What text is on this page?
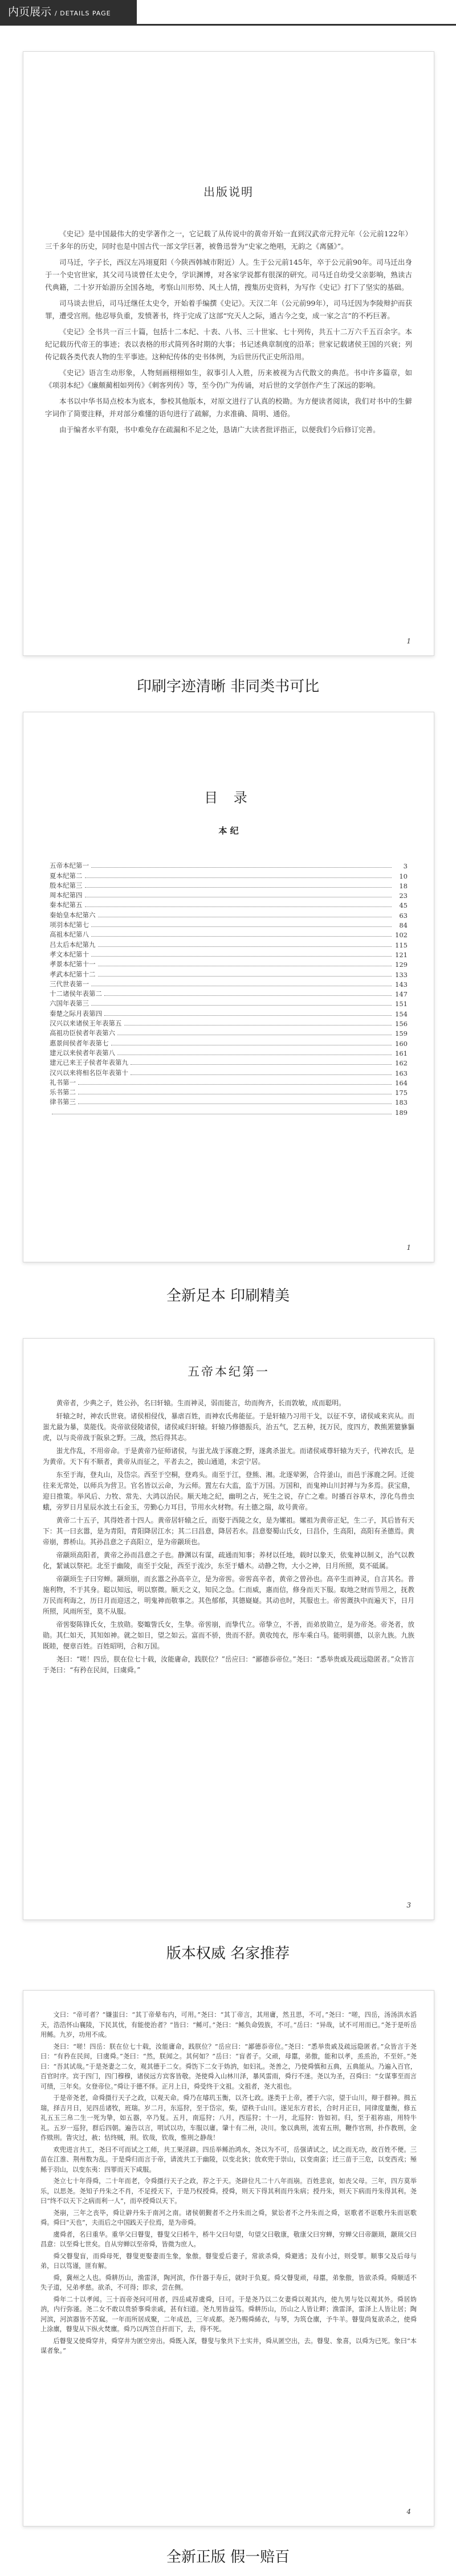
内页展示 / DETAILS PAGE
出版说明

《史记》是中国最伟大的史学著作之一，它记载了从传说中的黄帝开始一直到汉武帝元狩元年（公元前122年）三千多年的历史，同时也是中国古代一部文学巨著，被鲁迅誉为“史家之绝唱，无韵之《离骚》”。

司马迁，字子长，西汉左冯翊夏阳（今陕西韩城市附近）人。生于公元前145年，卒于公元前90年。司马迁出身于一个史官世家，其父司马谈曾任太史令，学识渊博，对各家学说都有很深的研究。司马迁自幼受父亲影响，熟读古代典籍，二十岁开始游历全国各地，考察山川形势、风土人情，搜集历史资料，为写作《史记》打下了坚实的基础。

司马谈去世后，司马迁继任太史令，开始着手编撰《史记》。天汉二年（公元前99年），司马迁因为李陵辩护而获罪，遭受宫刑。他忍辱负重，发愤著书，终于完成了这部“究天人之际，通古今之变，成一家之言”的不朽巨著。

《史记》全书共一百三十篇，包括十二本纪、十表、八书、三十世家、七十列传，共五十二万六千五百余字。本纪记载历代帝王的事迹；表以表格的形式简列各时期的大事；书记述典章制度的沿革；世家记载诸侯王国的兴衰；列传记载各类代表人物的生平事迹。这种纪传体的史书体例，为后世历代正史所沿用。

《史记》语言生动形象，人物刻画栩栩如生，叙事引人入胜，历来被视为古代散文的典范。书中许多篇章，如《项羽本纪》《廉颇蔺相如列传》《刺客列传》等，至今仍广为传诵，对后世的文学创作产生了深远的影响。

本书以中华书局点校本为底本，参校其他版本，对原文进行了认真的校勘。为方便读者阅读，我们对书中的生僻字词作了简要注释，并对部分难懂的语句进行了疏解，力求准确、简明、通俗。

由于编者水平有限，书中难免存在疏漏和不足之处，恳请广大读者批评指正，以便我们今后修订完善。

1
印刷字迹清晰 非同类书可比
目 录
本 纪
五帝本纪第一	3
夏本纪第二	10
殷本纪第三	18
周本纪第四	23
秦本纪第五	45
秦始皇本纪第六	63
项羽本纪第七	84
高祖本纪第八	102
吕太后本纪第九	115
孝文本纪第十	121
孝景本纪第十一	129
孝武本纪第十二	133
三代世表第一	143
十二诸侯年表第二	147
六国年表第三	151
秦楚之际月表第四	154
汉兴以来诸侯王年表第五	156
高祖功臣侯者年表第六	159
惠景间侯者年表第七	160
建元以来侯者年表第八	161
建元已来王子侯者年表第九	162
汉兴以来将相名臣年表第十	163
礼书第一	164
乐书第二	175
律书第三	183
189
1
全新足本 印刷精美
五帝本纪第一

黄帝者，少典之子，姓公孙，名曰轩辕。生而神灵，弱而能言，幼而徇齐，长而敦敏，成而聪明。

轩辕之时，神农氏世衰。诸侯相侵伐，暴虐百姓，而神农氏弗能征。于是轩辕乃习用干戈，以征不享，诸侯咸来宾从。而蚩尤最为暴，莫能伐。炎帝欲侵陵诸侯，诸侯咸归轩辕。轩辕乃修德振兵，治五气，艺五种，抚万民，度四方，教熊罴貔貅貙虎，以与炎帝战于阪泉之野。三战，然后得其志。

蚩尤作乱，不用帝命。于是黄帝乃征师诸侯，与蚩尤战于涿鹿之野，遂禽杀蚩尤。而诸侯咸尊轩辕为天子，代神农氏，是为黄帝。天下有不顺者，黄帝从而征之，平者去之，披山通道，未尝宁居。

东至于海，登丸山，及岱宗。西至于空桐，登鸡头。南至于江，登熊、湘。北逐荤粥，合符釜山，而邑于涿鹿之阿。迁徙往来无常处，以师兵为营卫。官名皆以云命，为云师。置左右大监，监于万国。万国和，而鬼神山川封禅与为多焉。获宝鼎，迎日推策。举风后、力牧、常先、大鸿以治民。顺天地之纪，幽明之占，死生之说，存亡之难。时播百谷草木，淳化鸟兽虫蛾，旁罗日月星辰水波土石金玉，劳勤心力耳目，节用水火材物。有土德之瑞，故号黄帝。

黄帝二十五子，其得姓者十四人。黄帝居轩辕之丘，而娶于西陵之女，是为嫘祖。嫘祖为黄帝正妃，生二子，其后皆有天下：其一曰玄嚣，是为青阳，青阳降居江水；其二曰昌意，降居若水。昌意娶蜀山氏女，曰昌仆，生高阳，高阳有圣德焉。黄帝崩，葬桥山。其孙昌意之子高阳立，是为帝颛顼也。

帝颛顼高阳者，黄帝之孙而昌意之子也。静渊以有谋，疏通而知事；养材以任地，载时以象天，依鬼神以制义，治气以教化，絜诚以祭祀。北至于幽陵，南至于交阯，西至于流沙，东至于蟠木。动静之物，大小之神，日月所照，莫不砥属。

帝颛顼生子曰穷蝉。颛顼崩，而玄嚣之孙高辛立，是为帝喾。帝喾高辛者，黄帝之曾孙也。高辛生而神灵，自言其名。普施利物，不于其身。聪以知远，明以察微。顺天之义，知民之急。仁而威，惠而信，修身而天下服。取地之财而节用之，抚教万民而利诲之，历日月而迎送之，明鬼神而敬事之。其色郁郁，其德嶷嶷。其动也时，其服也士。帝喾溉执中而遍天下，日月所照，风雨所至，莫不从服。

帝喾娶陈锋氏女，生放勋。娶娵訾氏女，生挚。帝喾崩，而挚代立。帝挚立，不善，而弟放勋立，是为帝尧。帝尧者，放勋。其仁如天，其知如神。就之如日，望之如云。富而不骄，贵而不舒。黄收纯衣，彤车乘白马。能明驯德，以亲九族。九族既睦，便章百姓。百姓昭明，合和万国。

尧曰：“嗟！四岳，朕在位七十载，汝能庸命，践朕位？”岳应曰：“鄙德忝帝位。”尧曰：“悉举贵戚及疏远隐匿者。”众皆言于尧曰：“有矜在民间，曰虞舜。”

3
版本权威 名家推荐

文曰：“帝可者？”嫌蚩曰：“其丁帝晕布内，可用。”尧曰：“其丁帝言，其用庸，然丑思，不可。”尧曰：“嗟，四岳，汤汤洪水滔天，浩浩怀山襄陵，下民其忧，有能使治者？”皆曰：“鲧可。”尧曰：“鲧负命毁族，不可。”岳曰：“异哉，试不可用而已。”尧于是听岳用鲧。九岁，功用不成。

尧曰：“嗟！四岳：朕在位七十载，汝能庸命，践朕位？”岳应曰：“鄙德忝帝位。”尧曰：“悉举贵戚及疏远隐匿者。”众皆言于尧曰：“有矜在民间，曰虞舜。”尧曰：“然，朕闻之。其何如？”岳曰：“盲者子。父顽，母嚚，弟傲，能和以孝，烝烝治，不至奸。”尧曰：“吾其试哉。”于是尧妻之二女，观其德于二女。舜饬下二女于妫汭，如妇礼。尧善之，乃使舜慎和五典，五典能从。乃遍入百官，百官时序。宾于四门，四门穆穆，诸侯远方宾客皆敬。尧使舜入山林川泽，暴风雷雨，舜行不迷。尧以为圣，召舜曰：“女谋事至而言可绩，三年矣。女登帝位。”舜让于德不怿。正月上日，舜受终于文祖。文祖者，尧大祖也。

于是帝尧老，命舜摄行天子之政，以观天命。舜乃在璿玑玉衡，以齐七政。遂类于上帝，禋于六宗，望于山川，辩于群神。揖五瑞，择吉月日，见四岳诸牧，班瑞。岁二月，东巡狩，至于岱宗，柴，望秩于山川。遂见东方君长，合时月正日，同律度量衡，修五礼五玉三帛二生一死为挚，如五器，卒乃复。五月，南巡狩；八月，西巡狩；十一月，北巡狩：皆如初。归，至于祖祢庙，用特牛礼。五岁一巡狩，群后四朝。遍告以言，明试以功，车服以庸。肇十有二州，决川。象以典刑，流宥五刑，鞭作官刑，扑作教刑，金作赎刑。眚灾过，赦；怙终贼，刑。钦哉，钦哉，惟刑之静哉！

欢兜进言共工，尧曰不可而试之工师，共工果淫辟。四岳举鲧治鸿水，尧以为不可，岳强请试之，试之而无功，故百姓不便。三苗在江淮、荆州数为乱。于是舜归而言于帝，请流共工于幽陵，以变北狄；放欢兜于崇山，以变南蛮；迁三苗于三危，以变西戎；殛鲧于羽山，以变东夷：四罪而天下咸服。

尧立七十年得舜，二十年而老，令舜摄行天子之政，荐之于天。尧辟位凡二十八年而崩。百姓悲哀，如丧父母。三年，四方莫举乐，以思尧。尧知子丹朱之不肖，不足授天下，于是乃权授舜。授舜，则天下得其利而丹朱病；授丹朱，则天下病而丹朱得其利。尧曰“终不以天下之病而利一人”，而卒授舜以天下。

尧崩，三年之丧毕，舜让辟丹朱于南河之南。诸侯朝觐者不之丹朱而之舜，狱讼者不之丹朱而之舜，讴歌者不讴歌丹朱而讴歌舜。舜曰“天也”，夫而后之中国践天子位焉，是为帝舜。

虞舜者，名曰重华。重华父曰瞽叟，瞽叟父曰桥牛，桥牛父曰句望，句望父曰敬康，敬康父曰穷蝉，穷蝉父曰帝颛顼，颛顼父曰昌意：以至舜七世矣。自从穷蝉以至帝舜，皆微为庶人。

舜父瞽叟盲，而舜母死，瞽叟更娶妻而生象，象傲。瞽叟爱后妻子，常欲杀舜，舜避逃；及有小过，则受罪。顺事父及后母与弟，日以笃谨，匪有解。

舜，冀州之人也。舜耕历山，渔雷泽，陶河滨，作什器于寿丘，就时于负夏。舜父瞽叟顽，母嚚，弟象傲，皆欲杀舜。舜顺适不失子道，兄弟孝慈。欲杀，不可得；即求，尝在侧。

舜年二十以孝闻。三十而帝尧问可用者，四岳咸荐虞舜，曰可。于是尧乃以二女妻舜以观其内，使九男与处以观其外。舜居妫汭，内行弥谨。尧二女不敢以贵骄事舜亲戚，甚有妇道。尧九男皆益笃。舜耕历山，历山之人皆让畔；渔雷泽，雷泽上人皆让居；陶河滨，河滨器皆不苦窳。一年而所居成聚，二年成邑，三年成都。尧乃赐舜絺衣，与琴，为筑仓廪，予牛羊。瞽叟尚复欲杀之，使舜上涂廪，瞽叟从下纵火焚廪。舜乃以两笠自扞而下，去，得不死。

后瞽叟又使舜穿井，舜穿井为匿空旁出。舜既入深，瞽叟与象共下土实井，舜从匿空出，去。瞽叟、象喜，以舜为已死。象曰“本谋者象。”

4
全新正版 假一赔百
